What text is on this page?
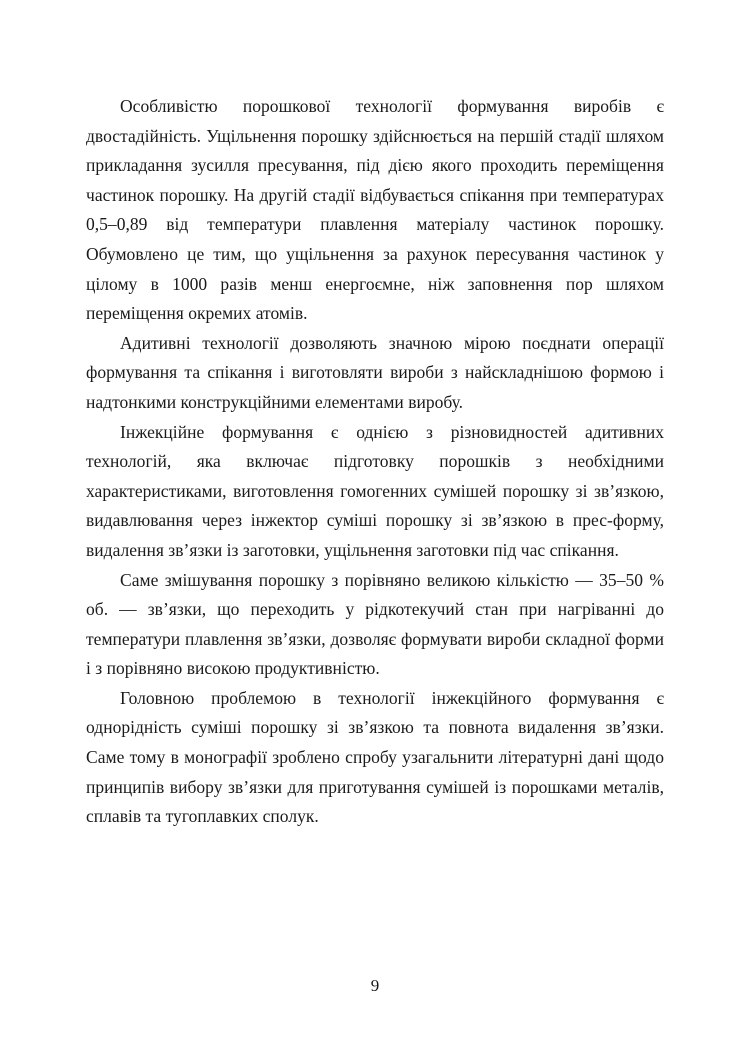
Особливістю порошкової технології формування виробів є двостадійність. Ущільнення порошку здійснюється на першій стадії шляхом прикладання зусилля пресування, під дією якого проходить переміщення частинок порошку. На другій стадії відбувається спікання при температурах 0,5–0,89 від температури плавлення матеріалу частинок порошку. Обумовлено це тим, що ущільнення за рахунок пересування частинок у цілому в 1000 разів менш енергоємне, ніж заповнення пор шляхом переміщення окремих атомів.

Адитивні технології дозволяють значною мірою поєднати операції формування та спікання і виготовляти вироби з найскладнішою формою і надтонкими конструкційними елементами виробу.

Інжекційне формування є однією з різновидностей адитивних технологій, яка включає підготовку порошків з необхідними характеристиками, виготовлення гомогенних сумішей порошку зі зв’язкою, видавлювання через інжектор суміші порошку зі зв’язкою в прес-форму, видалення зв’язки із заготовки, ущільнення заготовки під час спікання.

Саме змішування порошку з порівняно великою кількістю — 35–50 % об. — зв’язки, що переходить у рідкотекучий стан при нагріванні до температури плавлення зв’язки, дозволяє формувати вироби складної форми і з порівняно високою продуктивністю.

Головною проблемою в технології інжекційного формування є однорідність суміші порошку зі зв’язкою та повнота видалення зв’язки. Саме тому в монографії зроблено спробу узагальнити літературні дані щодо принципів вибору зв’язки для приготування сумішей із порошками металів, сплавів та тугоплавких сполук.

9
